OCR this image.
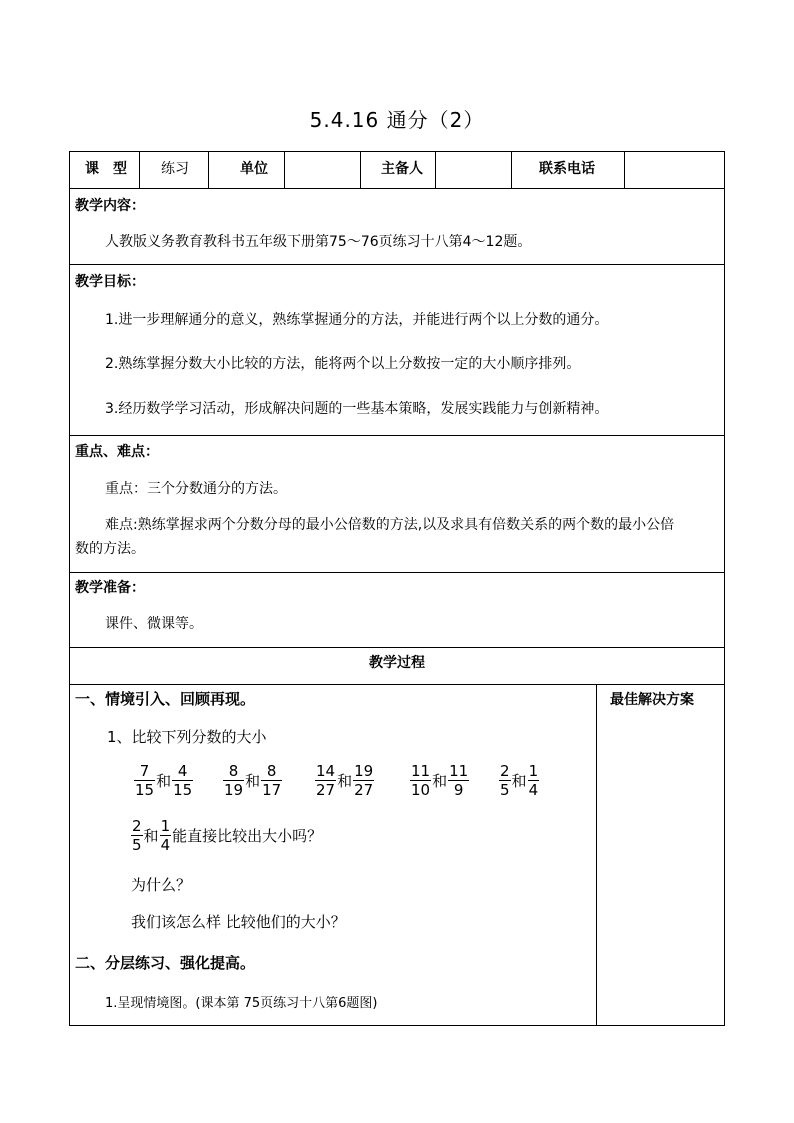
5.4.16 通分（2）
课　型 练习	单位	主备人	联系电话
教学内容：
人教版义务教育教科书五年级下册第75～76页练习十八第4～12题。
教学目标：
1.进一步理解通分的意义，熟练掌握通分的方法，并能进行两个以上分数的通分。
2.熟练掌握分数大小比较的方法，能将两个以上分数按一定的大小顺序排列。
3.经历数学学习活动，形成解决问题的一些基本策略，发展实践能力与创新精神。
重点、难点：
重点：三个分数通分的方法。
难点:熟练掌握求两个分数分母的最小公倍数的方法,以及求具有倍数关系的两个数的最小公倍
数的方法。
教学准备：
课件、微课等。
教学过程
一、情境引入、回顾再现。
1、比较下列分数的大小
$\frac{7}{15}$ 和 $\frac{4}{15} \frac{8}{19}$ 和 $\frac{8}{17} \frac{14}{27}$ 和 $\frac{19}{27} \frac{11}{10}$ 和 $\frac{11}{9} \frac{2}{5}$ 和 $\frac{1}{4}$
$\frac{2}{5}$ 和 $\frac{1}{4}$ 能直接比较出大小吗？
为什么？
我们该怎么样 比较他们的大小？
二、分层练习、强化提高。
1.呈现情境图。(课本第 75页练习十八第6题图)
最佳解决方案
